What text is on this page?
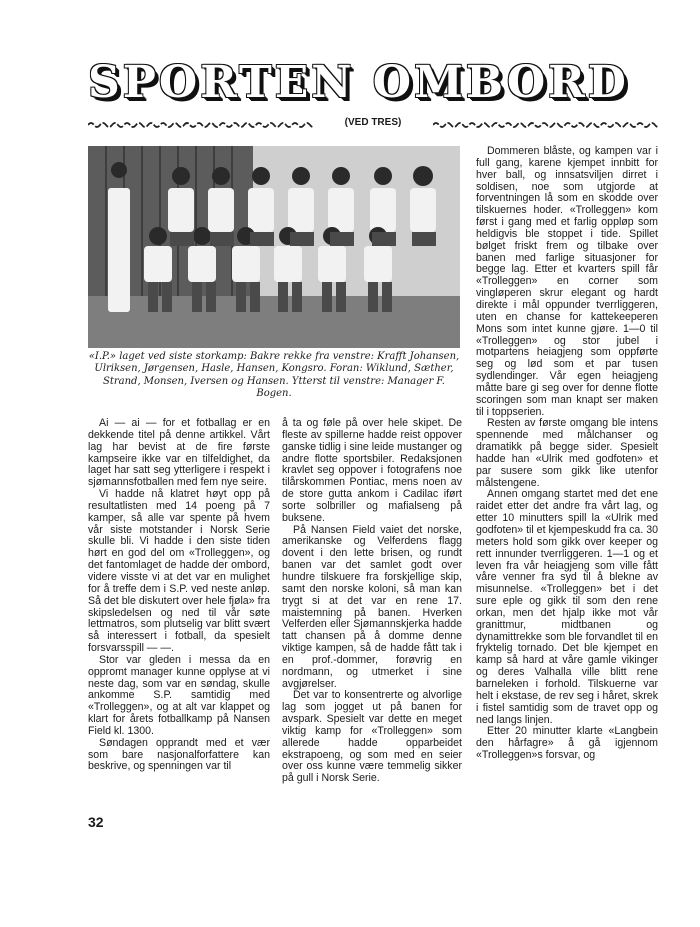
SPORTEN OMBORD
(VED TRES)

«I.P.» laget ved siste storkamp: Bakre rekke fra venstre: Krafft Johansen, Ulriksen, Jørgensen, Hasle, Hansen, Kongsro. Foran: Wiklund, Sæther, Strand, Monsen, Iversen og Hansen. Ytterst til venstre: Manager F. Bogen.

Ai — ai — for et fotballag er en dekkende titel på denne artikkel. Vårt lag har bevist at de fire første kampseire ikke var en tilfeldighet, da laget har satt seg ytterligere i respekt i sjømannsfotballen med fem nye seire.

Vi hadde nå klatret høyt opp på resultatlisten med 14 poeng på 7 kamper, så alle var spente på hvem vår siste motstander i Norsk Serie skulle bli. Vi hadde i den siste tiden hørt en god del om «Trolleggen», og det fantomlaget de hadde der ombord, videre visste vi at det var en mulighet for å treffe dem i S.P. ved neste anløp. Så det ble diskutert over hele fjøla» fra skipsledelsen og ned til vår søte lettmatros, som plutselig var blitt svært så interessert i fotball, da spesielt forsvarsspill — —.

Stor var gleden i messa da en oppromt manager kunne opplyse at vi neste dag, som var en søndag, skulle ankomme S.P. samtidig med «Trolleggen», og at alt var klappet og klart for årets fotballkamp på Nansen Field kl. 1300.

Søndagen opprandt med et vær som bare nasjonalforfattere kan beskrive, og spenningen var til

å ta og føle på over hele skipet. De fleste av spillerne hadde reist oppover ganske tidlig i sine leide mustanger og andre flotte sportsbiler. Redaksjonen kravlet seg oppover i fotografens noe tilårskommen Pontiac, mens noen av de store gutta ankom i Cadilac iført sorte solbriller og mafialseng på buksene.

På Nansen Field vaiet det norske, amerikanske og Velferdens flagg dovent i den lette brisen, og rundt banen var det samlet godt over hundre tilskuere fra forskjellige skip, samt den norske koloni, så man kan trygt si at det var en rene 17. maistemning på banen. Hverken Velferden eller Sjømannskjerka hadde tatt chansen på å domme denne viktige kampen, så de hadde fått tak i en prof.-dommer, forøvrig en nordmann, og utmerket i sine avgjørelser.

Det var to konsentrerte og alvorlige lag som jogget ut på banen for avspark. Spesielt var dette en meget viktig kamp for «Trolleggen» som allerede hadde opparbeidet ekstrapoeng, og som med en seier over oss kunne være temmelig sikker på gull i Norsk Serie.

Dommeren blåste, og kampen var i full gang, karene kjempet innbitt for hver ball, og innsatsviljen dirret i soldisen, noe som utgjorde at forventningen lå som en skodde over tilskuernes hoder. «Trolleggen» kom først i gang med et farlig oppløp som heldigvis ble stoppet i tide. Spillet bølget friskt frem og tilbake over banen med farlige situasjoner for begge lag. Etter et kvarters spill får «Trolleggen» en corner som vingløperen skrur elegant og hardt direkte i mål oppunder tverrliggeren, uten en chanse for kattekeeperen Mons som intet kunne gjøre. 1—0 til «Trolleggen» og stor jubel i motpartens heiagjeng som oppførte seg og lød som et par tusen sydlendinger. Vår egen heiagjeng måtte bare gi seg over for denne flotte scoringen som man knapt ser maken til i toppserien.

Resten av første omgang ble intens spennende med målchanser og dramatikk på begge sider. Spesielt hadde han «Ulrik med godfoten» et par susere som gikk like utenfor målstengene.

Annen omgang startet med det ene raidet etter det andre fra vårt lag, og etter 10 minutters spill la «Ulrik med godfoten» til et kjempeskudd fra ca. 30 meters hold som gikk over keeper og rett innunder tverrliggeren. 1—1 og et leven fra vår heiagjeng som ville fått våre venner fra syd til å blekne av misunnelse. «Trolleggen» bet i det sure eple og gikk til som den rene orkan, men det hjalp ikke mot vår granittmur, midtbanen og dynamittrekke som ble forvandlet til en fryktelig tornado. Det ble kjempet en kamp så hard at våre gamle vikinger og deres Valhalla ville blitt rene barneleken i forhold. Tilskuerne var helt i ekstase, de rev seg i håret, skrek i fistel samtidig som de travet opp og ned langs linjen.

Etter 20 minutter klarte «Langbein den hårfagre» å gå igjennom «Trolleggen»s forsvar, og

32
